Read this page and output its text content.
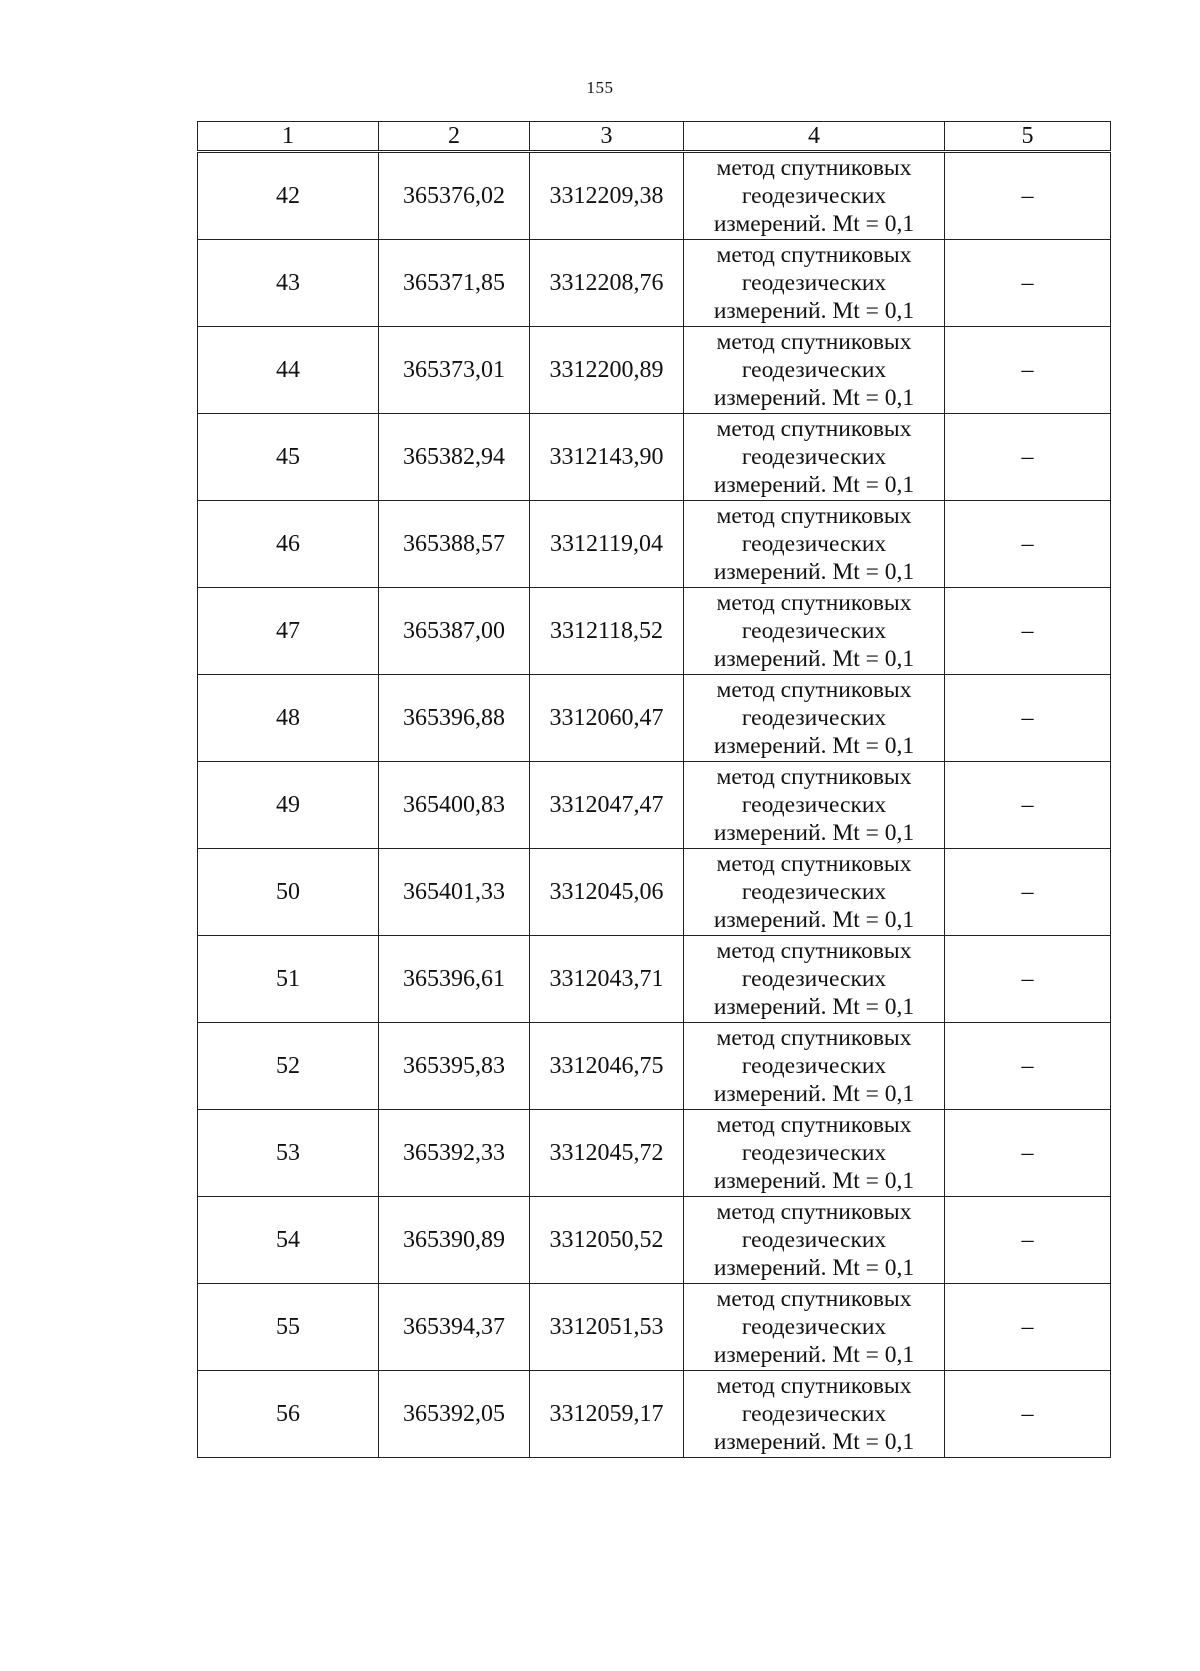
155
1	2	3	4	5
42	365376,02	3312209,38	метод спутниковых
геодезических
измерений. Mt = 0,1	–
43	365371,85	3312208,76	метод спутниковых
геодезических
измерений. Mt = 0,1	–
44	365373,01	3312200,89	метод спутниковых
геодезических
измерений. Mt = 0,1	–
45	365382,94	3312143,90	метод спутниковых
геодезических
измерений. Mt = 0,1	–
46	365388,57	3312119,04	метод спутниковых
геодезических
измерений. Mt = 0,1	–
47	365387,00	3312118,52	метод спутниковых
геодезических
измерений. Mt = 0,1	–
48	365396,88	3312060,47	метод спутниковых
геодезических
измерений. Mt = 0,1	–
49	365400,83	3312047,47	метод спутниковых
геодезических
измерений. Mt = 0,1	–
50	365401,33	3312045,06	метод спутниковых
геодезических
измерений. Mt = 0,1	–
51	365396,61	3312043,71	метод спутниковых
геодезических
измерений. Mt = 0,1	–
52	365395,83	3312046,75	метод спутниковых
геодезических
измерений. Mt = 0,1	–
53	365392,33	3312045,72	метод спутниковых
геодезических
измерений. Mt = 0,1	–
54	365390,89	3312050,52	метод спутниковых
геодезических
измерений. Mt = 0,1	–
55	365394,37	3312051,53	метод спутниковых
геодезических
измерений. Mt = 0,1	–
56	365392,05	3312059,17	метод спутниковых
геодезических
измерений. Mt = 0,1	–
